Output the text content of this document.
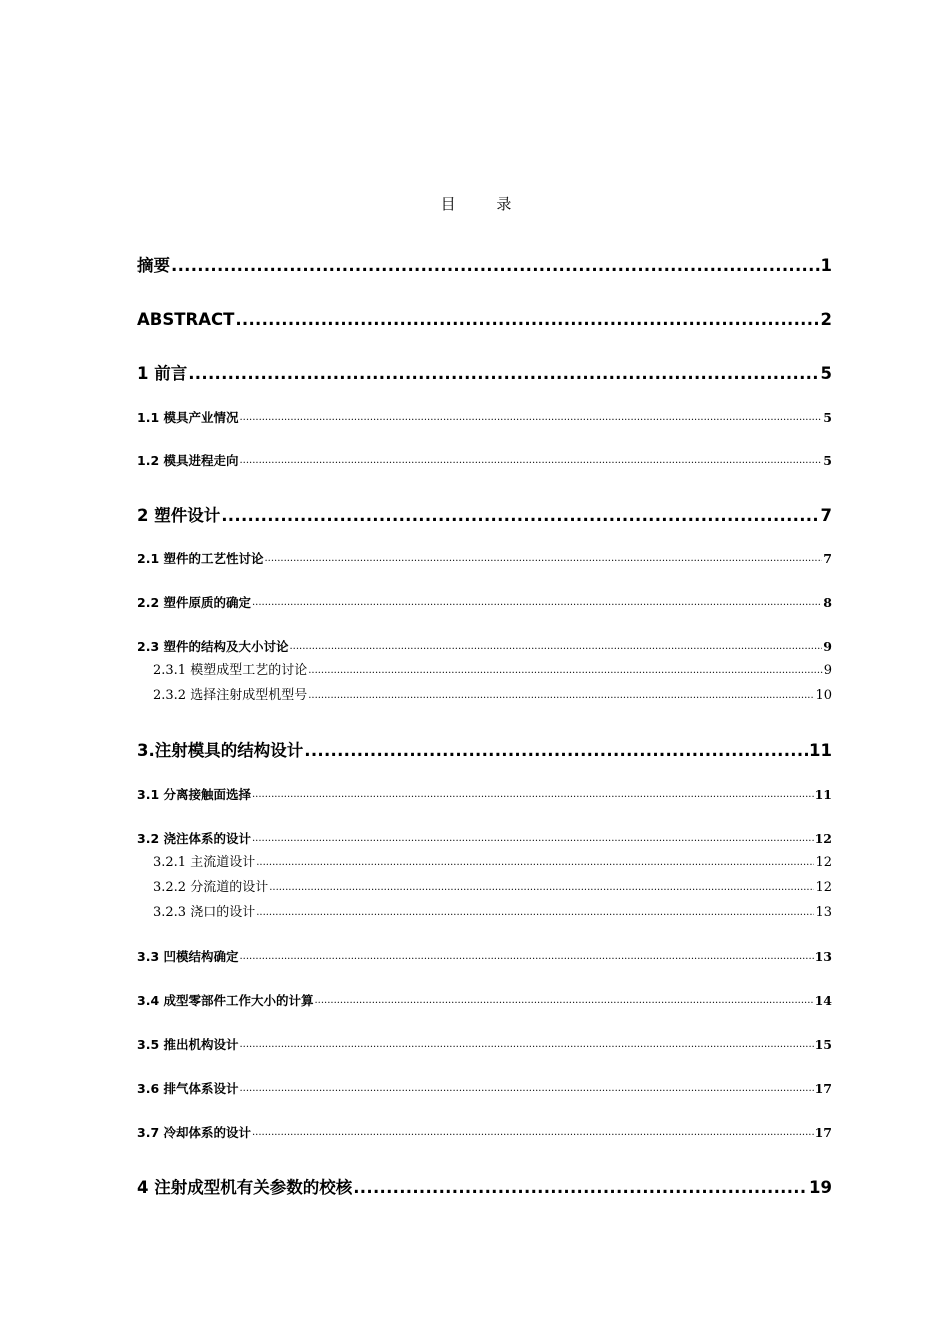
目 录
摘要 .....	1
ABSTRACT .....	2
1 前言 .....	5
1.1 模具产业情况 .....	5
1.2 模具进程走向 .....	5
2 塑件设计 .....	7
2.1 塑件的工艺性讨论 .....	7
2.2 塑件原质的确定 .....	8
2.3 塑件的结构及大小讨论 .....	9
2.3.1 模塑成型工艺的讨论 .....	9
2.3.2 选择注射成型机型号 .....	10
3.注射模具的结构设计 .....	11
3.1 分离接触面选择 .....	11
3.2 浇注体系的设计 .....	12
3.2.1 主流道设计 .....	12
3.2.2 分流道的设计 .....	12
3.2.3 浇口的设计 .....	13
3.3 凹模结构确定 .....	13
3.4 成型零部件工作大小的计算 .....	14
3.5 推出机构设计 .....	15
3.6 排气体系设计 .....	17
3.7 冷却体系的设计 .....	17
4 注射成型机有关参数的校核 .....	19
